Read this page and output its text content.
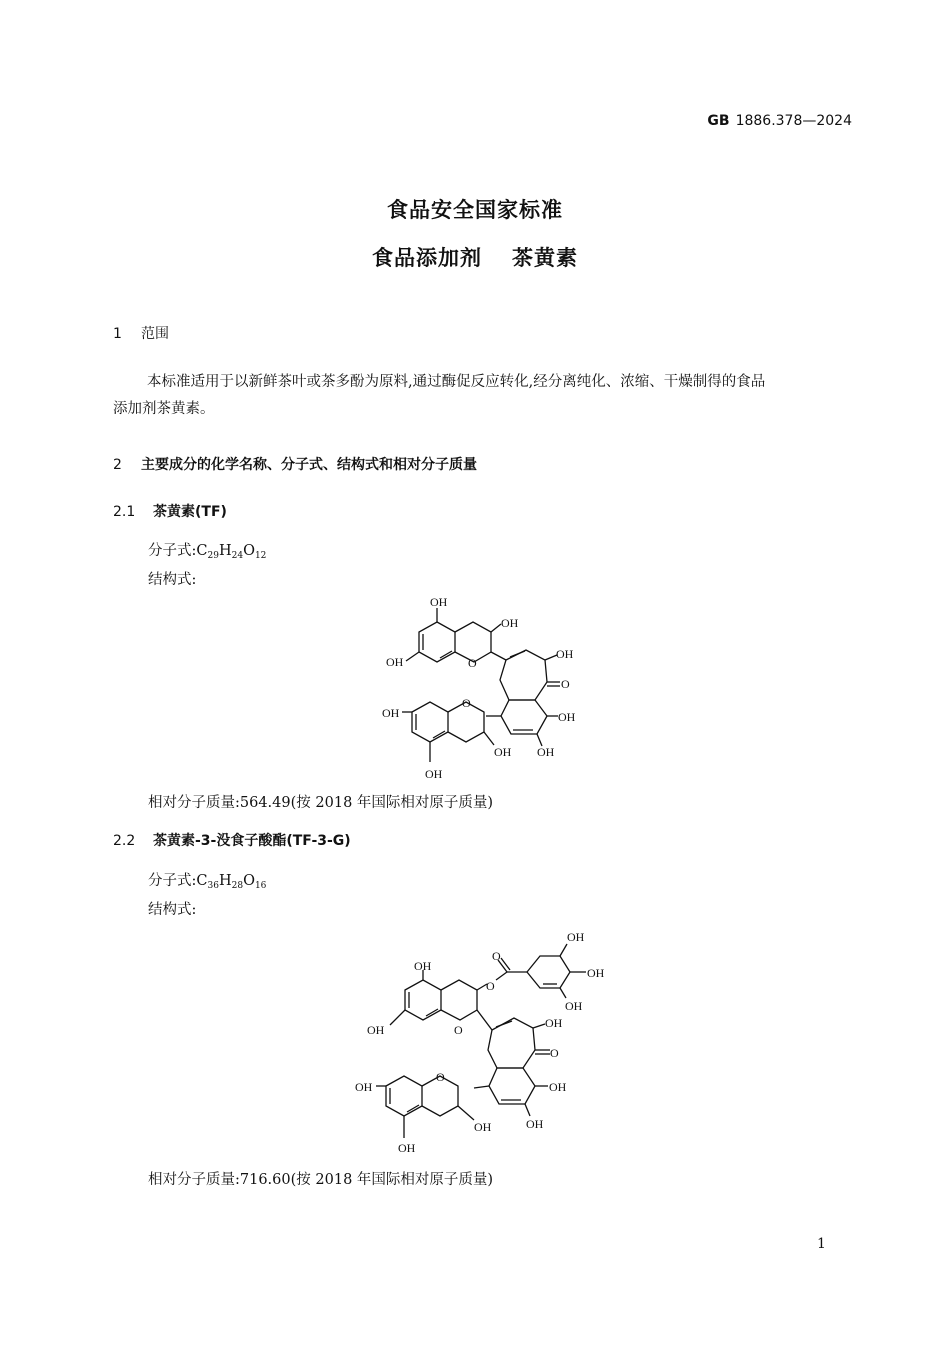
GB 1886.378—2024
食品安全国家标准
食品添加剂 茶黄素
1 范围
本标准适用于以新鲜茶叶或茶多酚为原料,通过酶促反应转化,经分离纯化、浓缩、干燥制得的食品
添加剂茶黄素。
2 主要成分的化学名称、分子式、结构式和相对分子质量
2.1 茶黄素(TF)
分子式$:C_{29}H_{24}O_{12}$
结构式:
OH
OH
OH	O
OH
O
OH
OH
OH
O
OH
OH
OH
OH	O
O
O
OH
OH
OH
OH
O
OH
OH
OH
O
OH
OH
相对分子质量:564.49(按 2018 年国际相对原子质量)
2.2 茶黄素-3-没食子酸酯(TF-3-G)
分子式$:C_{36}H_{28}O_{16}$
结构式:
相对分子质量:716.60(按 2018 年国际相对原子质量)
1
